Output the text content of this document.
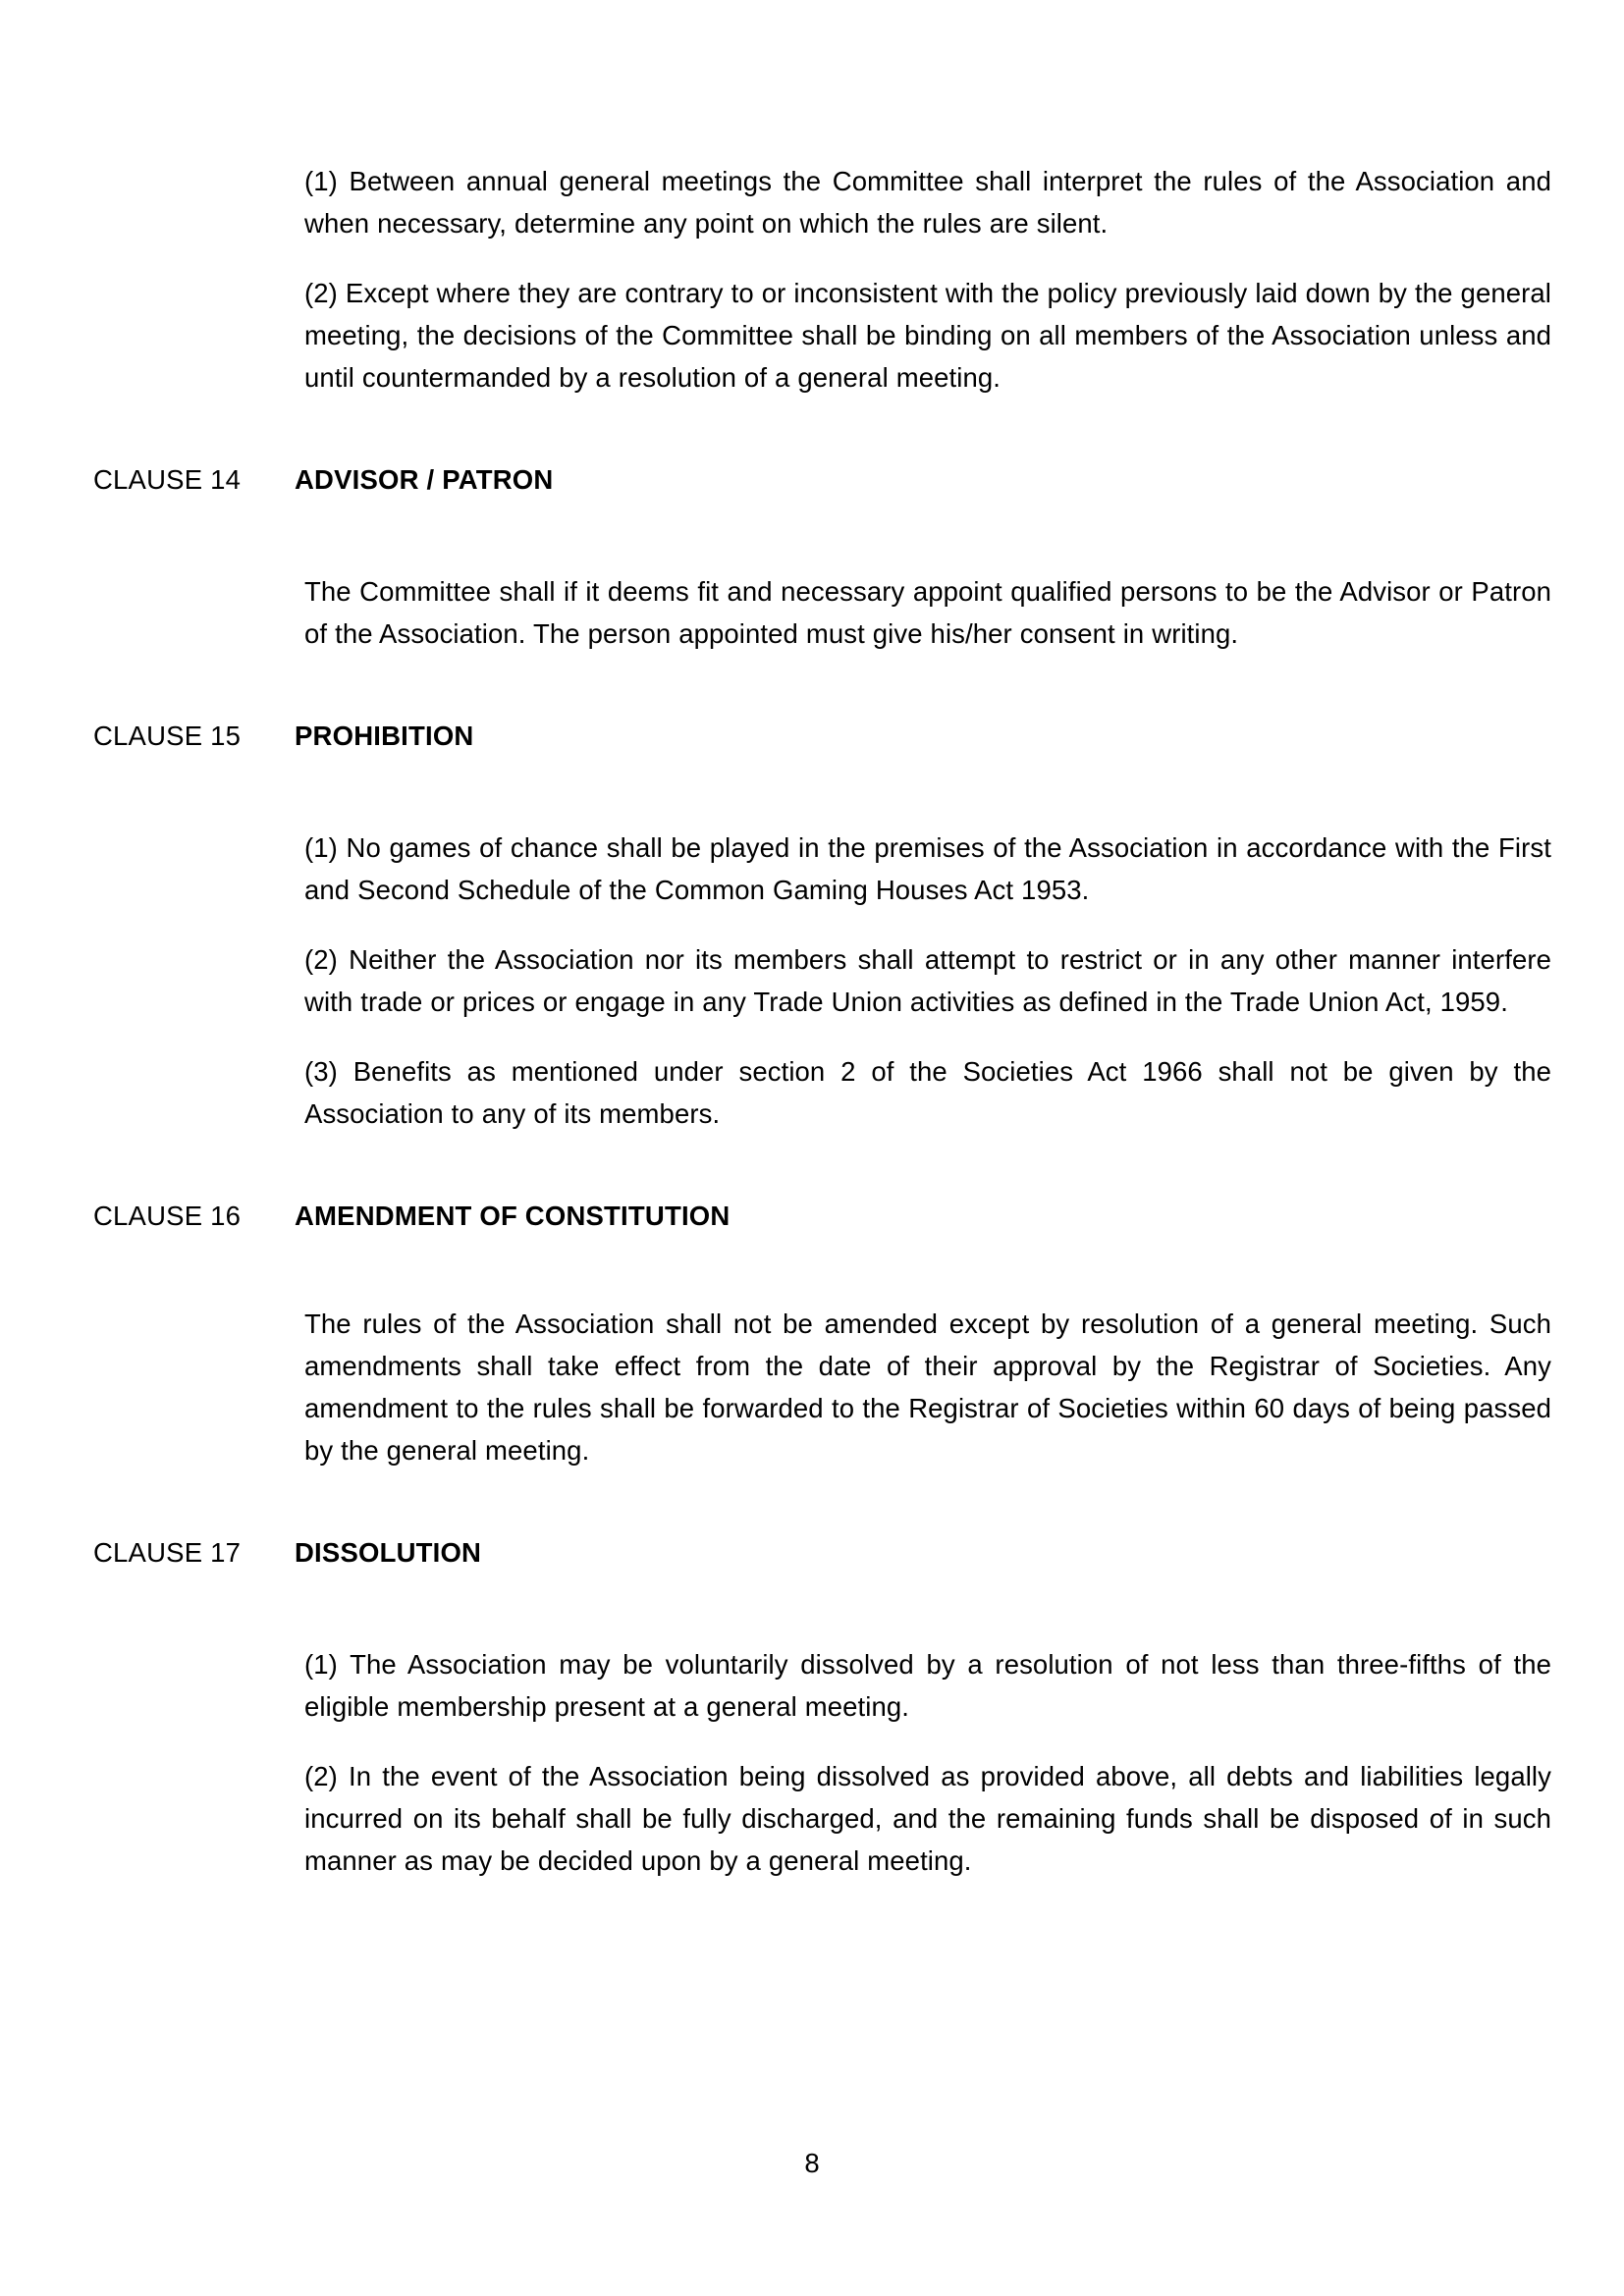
(1) Between annual general meetings the Committee shall interpret the rules of the Association and when necessary, determine any point on which the rules are silent.

(2) Except where they are contrary to or inconsistent with the policy previously laid down by the general meeting, the decisions of the Committee shall be binding on all members of the Association unless and until countermanded by a resolution of a general meeting.

CLAUSE 14	ADVISOR / PATRON

The Committee shall if it deems fit and necessary appoint qualified persons to be the Advisor or Patron of the Association. The person appointed must give his/her consent in writing.

CLAUSE 15	PROHIBITION

(1) No games of chance shall be played in the premises of the Association in accordance with the First and Second Schedule of the Common Gaming Houses Act 1953.

(2) Neither the Association nor its members shall attempt to restrict or in any other manner interfere with trade or prices or engage in any Trade Union activities as defined in the Trade Union Act, 1959.

(3) Benefits as mentioned under section 2 of the Societies Act 1966 shall not be given by the Association to any of its members.

CLAUSE 16	AMENDMENT OF CONSTITUTION

The rules of the Association shall not be amended except by resolution of a general meeting. Such amendments shall take effect from the date of their approval by the Registrar of Societies. Any amendment to the rules shall be forwarded to the Registrar of Societies within 60 days of being passed by the general meeting.

CLAUSE 17	DISSOLUTION

(1) The Association may be voluntarily dissolved by a resolution of not less than three-fifths of the eligible membership present at a general meeting.

(2) In the event of the Association being dissolved as provided above, all debts and liabilities legally incurred on its behalf shall be fully discharged, and the remaining funds shall be disposed of in such manner as may be decided upon by a general meeting.

8
